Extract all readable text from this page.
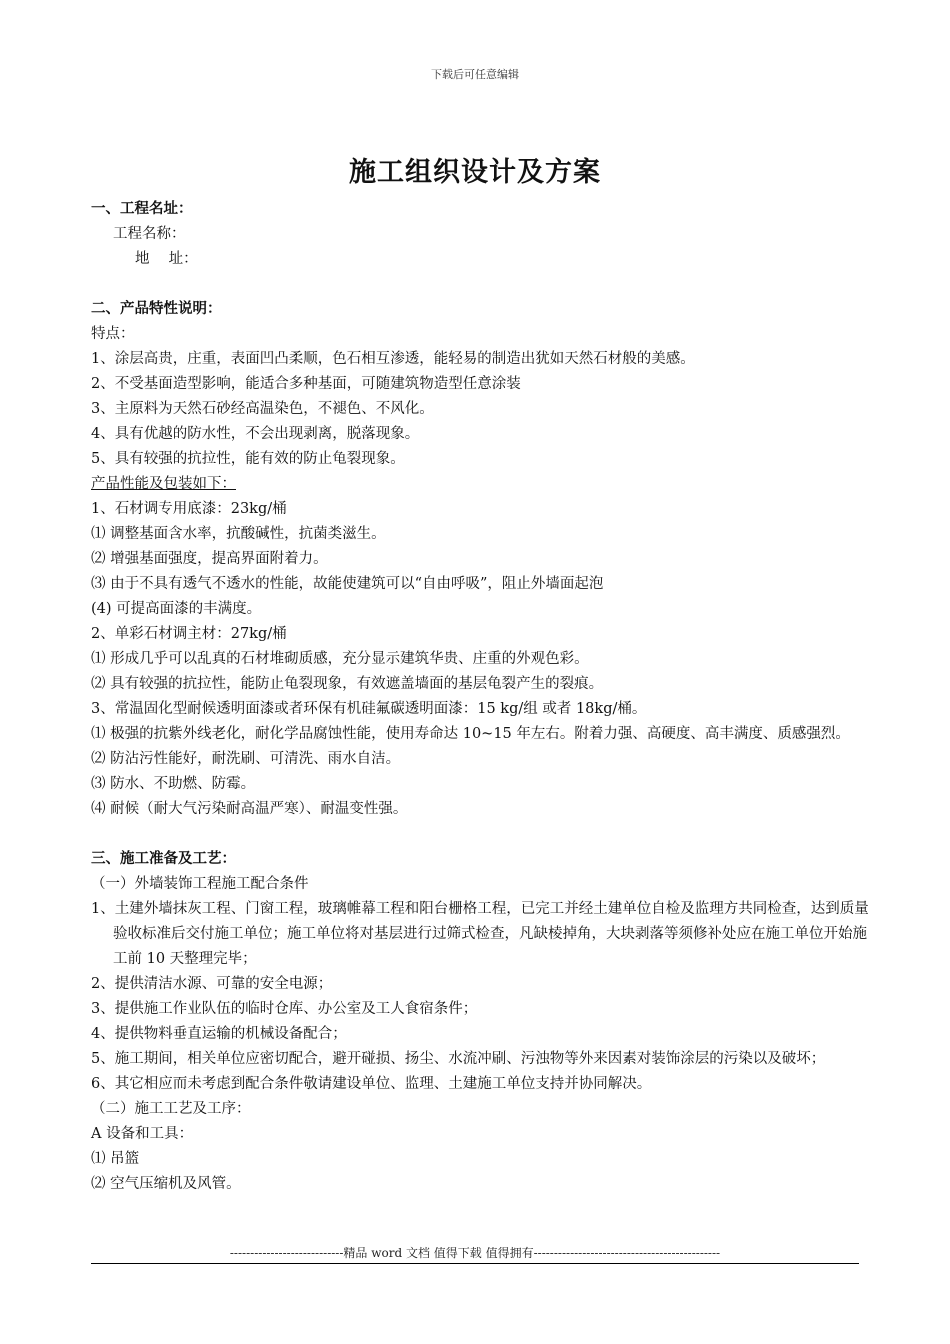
下载后可任意编辑
施工组织设计及方案
一、工程名址：
工程名称：
地　 址：
二、产品特性说明：
特点：
1、涂层高贵，庄重，表面凹凸柔顺，色石相互渗透，能轻易的制造出犹如天然石材般的美感。
2、不受基面造型影响，能适合多种基面，可随建筑物造型任意涂装
3、主原料为天然石砂经高温染色，不褪色、不风化。
4、具有优越的防水性，不会出现剥离，脱落现象。
5、具有较强的抗拉性，能有效的防止龟裂现象。
产品性能及包装如下：
1、石材调专用底漆：23kg/桶
⑴ 调整基面含水率，抗酸碱性，抗菌类滋生。
⑵ 增强基面强度，提高界面附着力。
⑶ 由于不具有透气不透水的性能，故能使建筑可以“自由呼吸”，阻止外墙面起泡
(4) 可提高面漆的丰满度。
2、单彩石材调主材：27kg/桶
⑴ 形成几乎可以乱真的石材堆砌质感，充分显示建筑华贵、庄重的外观色彩。
⑵ 具有较强的抗拉性，能防止龟裂现象，有效遮盖墙面的基层龟裂产生的裂痕。
3、常温固化型耐候透明面漆或者环保有机硅氟碳透明面漆：15 kg/组 或者 18kg/桶。
⑴ 极强的抗紫外线老化，耐化学品腐蚀性能，使用寿命达 10~15 年左右。附着力强、高硬度、高丰满度、质感强烈。
⑵ 防沾污性能好，耐洗刷、可清洗、雨水自洁。
⑶ 防水、不助燃、防霉。
⑷ 耐候（耐大气污染耐高温严寒）、耐温变性强。
三、施工准备及工艺：
（一）外墙装饰工程施工配合条件
1、土建外墙抹灰工程、门窗工程，玻璃帷幕工程和阳台栅格工程，已完工并经土建单位自检及监理方共同检查，达到质量验收标准后交付施工单位；施工单位将对基层进行过筛式检查，凡缺棱掉角，大块剥落等须修补处应在施工单位开始施工前 10 天整理完毕；
2、提供清洁水源、可靠的安全电源；
3、提供施工作业队伍的临时仓库、办公室及工人食宿条件；
4、提供物料垂直运输的机械设备配合；
5、施工期间，相关单位应密切配合，避开碰损、扬尘、水流冲刷、污浊物等外来因素对装饰涂层的污染以及破坏；
6、其它相应而未考虑到配合条件敬请建设单位、监理、土建施工单位支持并协同解决。
（二）施工工艺及工序：
A 设备和工具：
⑴ 吊篮
⑵ 空气压缩机及风管。
----------------------------精品 word 文档 值得下载 值得拥有----------------------------------------------
